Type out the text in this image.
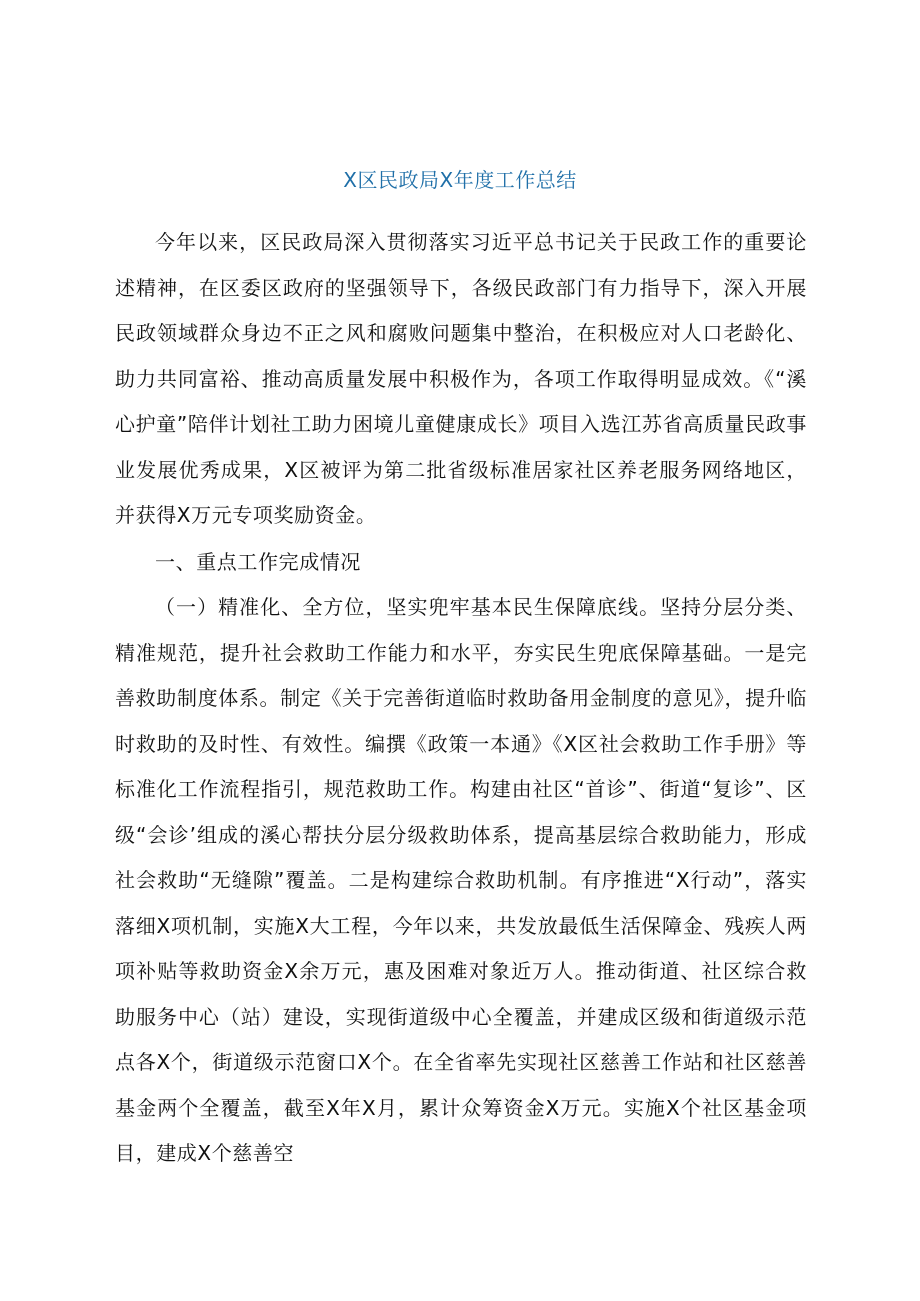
X区民政局X年度工作总结

今年以来，区民政局深入贯彻落实习近平总书记关于民政工作的重要论述精神，在区委区政府的坚强领导下，各级民政部门有力指导下，深入开展民政领域群众身边不正之风和腐败问题集中整治，在积极应对人口老龄化、助力共同富裕、推动高质量发展中积极作为，各项工作取得明显成效。《“溪心护童”陪伴计划社工助力困境儿童健康成长》项目入选江苏省高质量民政事业发展优秀成果，X区被评为第二批省级标准居家社区养老服务网络地区，并获得X万元专项奖励资金。

一、重点工作完成情况

（一）精准化、全方位，坚实兜牢基本民生保障底线。坚持分层分类、精准规范，提升社会救助工作能力和水平，夯实民生兜底保障基础。一是完善救助制度体系。制定《关于完善街道临时救助备用金制度的意见》，提升临时救助的及时性、有效性。编撰《政策一本通》《X区社会救助工作手册》等标准化工作流程指引，规范救助工作。构建由社区“首诊”、街道“复诊”、区级“会诊’组成的溪心帮扶分层分级救助体系，提高基层综合救助能力，形成社会救助“无缝隙”覆盖。二是构建综合救助机制。有序推进“X行动”，落实落细X项机制，实施X大工程，今年以来，共发放最低生活保障金、残疾人两项补贴等救助资金X余万元，惠及困难对象近万人。推动街道、社区综合救助服务中心（站）建设，实现街道级中心全覆盖，并建成区级和街道级示范点各X个，街道级示范窗口X个。在全省率先实现社区慈善工作站和社区慈善基金两个全覆盖，截至X年X月，累计众筹资金X万元。实施X个社区基金项目，建成X个慈善空
